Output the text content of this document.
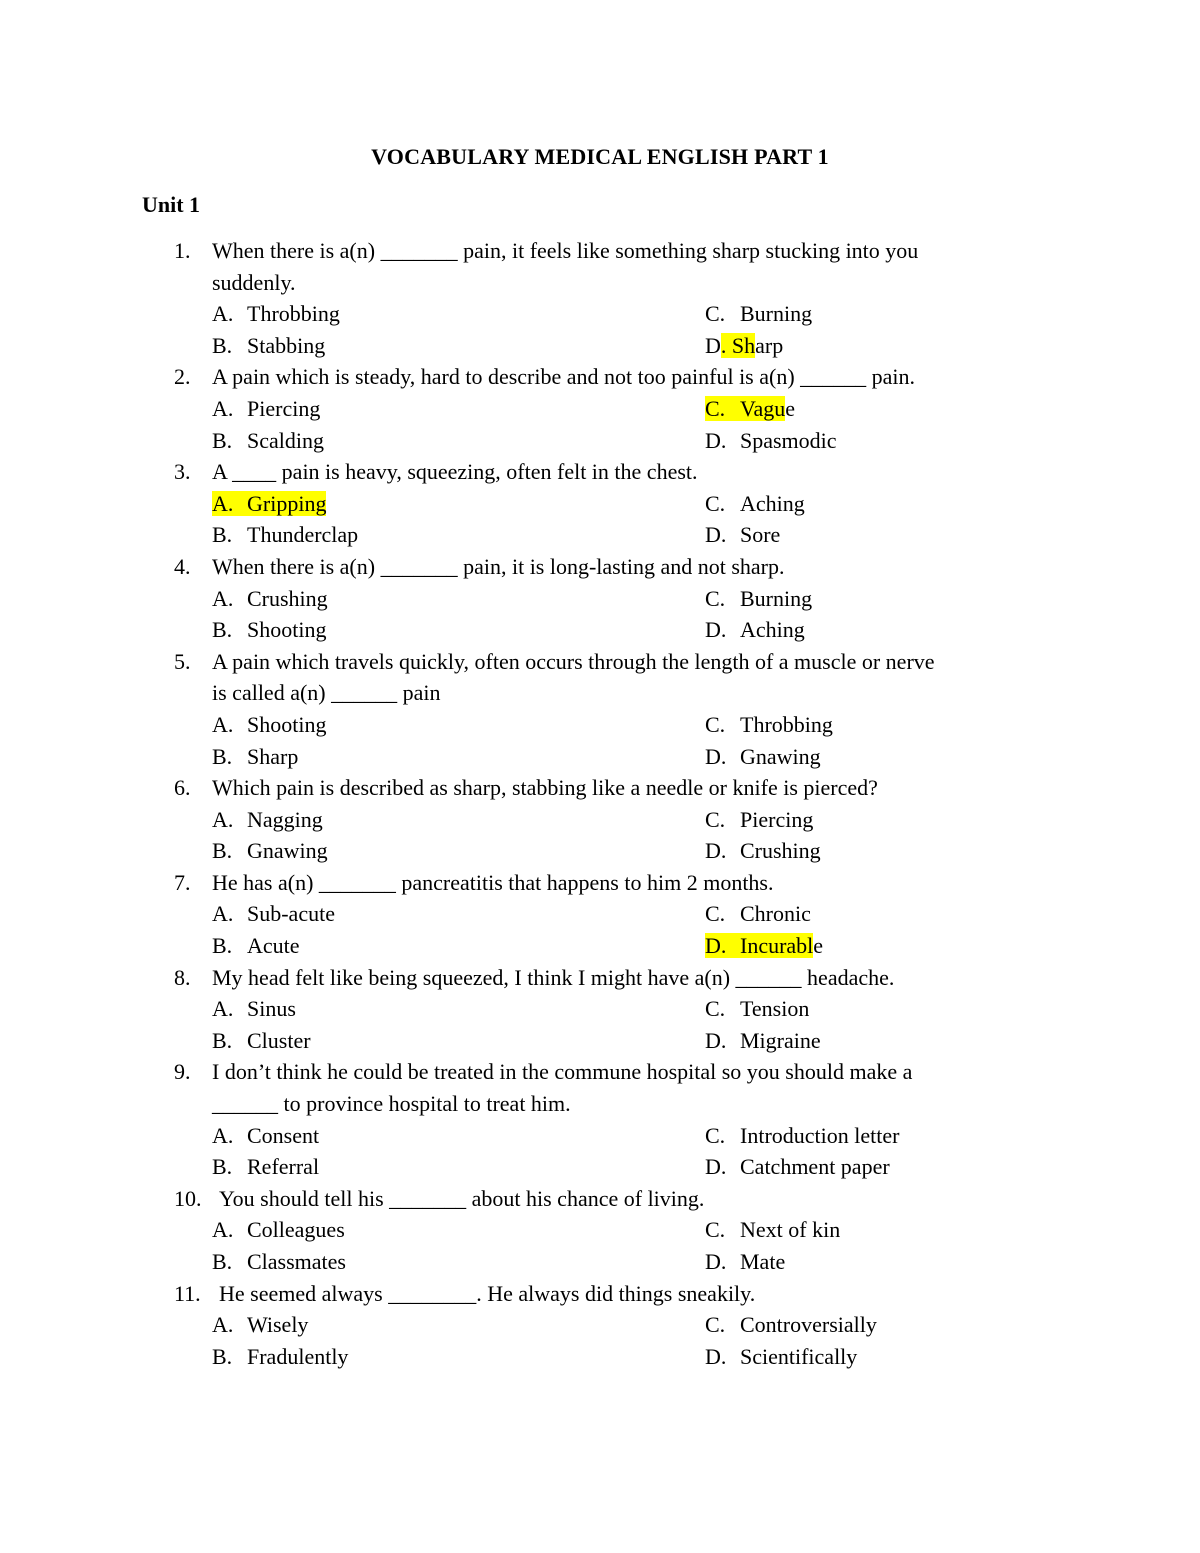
VOCABULARY MEDICAL ENGLISH PART 1
Unit 1
1. When there is a(n) _______ pain, it feels like something sharp stucking into you
suddenly.
A. Throbbing	C. Burning
B. Stabbing	D. Sharp
2. A pain which is steady, hard to describe and not too painful is a(n) ______ pain.
A. Piercing	C. Vague
B. Scalding	D. Spasmodic
3. A ____ pain is heavy, squeezing, often felt in the chest.
A. Gripping	C. Aching
B. Thunderclap	D. Sore
4. When there is a(n) _______ pain, it is long-lasting and not sharp.
A. Crushing	C. Burning
B. Shooting	D. Aching
5. A pain which travels quickly, often occurs through the length of a muscle or nerve
is called a(n) ______ pain
A. Shooting	C. Throbbing
B. Sharp	D. Gnawing
6. Which pain is described as sharp, stabbing like a needle or knife is pierced?
A. Nagging	C. Piercing
B. Gnawing	D. Crushing
7. He has a(n) _______ pancreatitis that happens to him 2 months.
A. Sub-acute	C. Chronic
B. Acute	D. Incurable
8. My head felt like being squeezed, I think I might have a(n) ______ headache.
A. Sinus	C. Tension
B. Cluster	D. Migraine
9. I don’t think he could be treated in the commune hospital so you should make a
______ to province hospital to treat him.
A. Consent	C. Introduction letter
B. Referral	D. Catchment paper
10. You should tell his _______ about his chance of living.
A. Colleagues	C. Next of kin
B. Classmates	D. Mate
11. He seemed always ________. He always did things sneakily.
A. Wisely	C. Controversially
B. Fradulently	D. Scientifically
